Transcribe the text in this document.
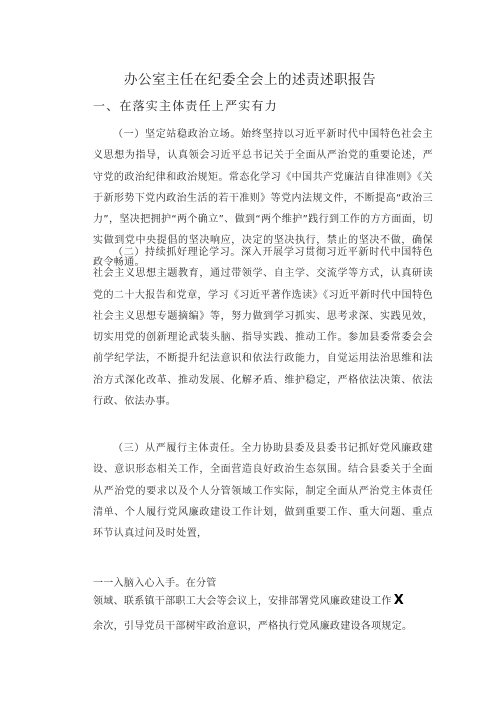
办公室主任在纪委全会上的述责述职报告
一、在落实主体责任上严实有力

（一）坚定站稳政治立场。始终坚持以习近平新时代中国特色社会主义思想为指导，认真领会习近平总书记关于全面从严治党的重要论述，严守党的政治纪律和政治规矩。常态化学习《中国共产党廉洁自律准则》《关于新形势下党内政治生活的若干准则》等党内法规文件，不断提高“政治三力”，坚决把拥护“两个确立”、做到“两个维护”践行到工作的方方面面，切实做到党中央提倡的坚决响应，决定的坚决执行，禁止的坚决不做，确保政令畅通。

（二）持续抓好理论学习。深入开展学习贯彻习近平新时代中国特色社会主义思想主题教育，通过带领学、自主学、交流学等方式，认真研读党的二十大报告和党章，学习《习近平著作选读》《习近平新时代中国特色社会主义思想专题摘编》等，努力做到学习抓实、思考求深、实践见效，切实用党的创新理论武装头脑、指导实践、推动工作。参加县委常委会会前学纪学法，不断提升纪法意识和依法行政能力，自觉运用法治思维和法治方式深化改革、推动发展、化解矛盾、维护稳定，严格依法决策、依法行政、依法办事。

（三）从严履行主体责任。全力协助县委及县委书记抓好党风廉政建设、意识形态相关工作，全面营造良好政治生态氛围。结合县委关于全面从严治党的要求以及个人分管领域工作实际，制定全面从严治党主体责任清单、个人履行党风廉政建设工作计划，做到重要工作、重大问题、重点环节认真过问及时处置，

一一入脑入心入手。在分管
领域、联系镇干部职工大会等会议上，安排部署党风廉政建设工作 X
余次，引导党员干部树牢政治意识，严格执行党风廉政建设各项规定。
